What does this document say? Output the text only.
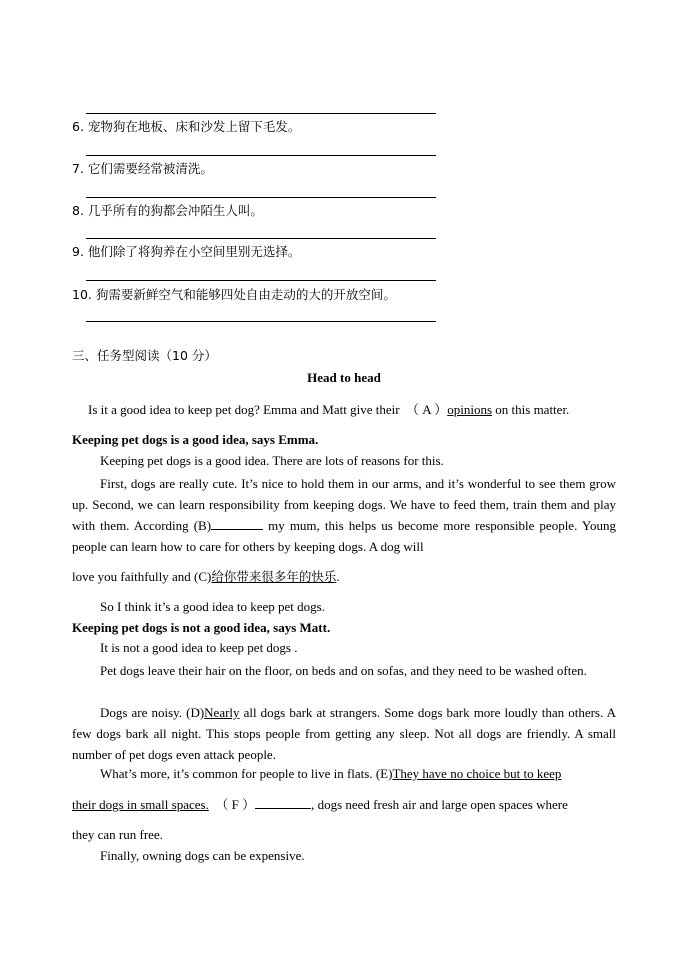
6. 宠物狗在地板、床和沙发上留下毛发。
7. 它们需要经常被清洗。
8. 几乎所有的狗都会冲陌生人叫。
9. 他们除了将狗养在小空间里别无选择。
10. 狗需要新鲜空气和能够四处自由走动的大的开放空间。
三、任务型阅读（10 分）
Head to head
Is it a good idea to keep pet dog? Emma and Matt give their　（ A ）opinions on this matter.
Keeping pet dogs is a good idea, says Emma.
Keeping pet dogs is a good idea. There are lots of reasons for this.
First, dogs are really cute. It’s nice to hold them in our arms, and it’s wonderful to see them grow up. Second, we can learn responsibility from keeping dogs. We have to feed them, train them and play with them. According (B)	my mum, this helps us become more responsible people. Young people can learn how to care for others by keeping dogs. A dog will
love you faithfully and (C)给你带来很多年的快乐.
So I think it’s a good idea to keep pet dogs.
Keeping pet dogs is not a good idea, says Matt.
It is not a good idea to keep pet dogs .
Pet dogs leave their hair on the floor, on beds and on sofas, and they need to be washed often.
Dogs are noisy. (D)Nearly all dogs bark at strangers. Some dogs bark more loudly than others. A few dogs bark all night. This stops people from getting any sleep. Not all dogs are friendly. A small number of pet dogs even attack people.
What’s more, it’s common for people to live in flats. (E)They have no choice but to keep
their dogs in small spaces.　（ F ）	, dogs need fresh air and large open spaces where
they can run free.
Finally, owning dogs can be expensive.
